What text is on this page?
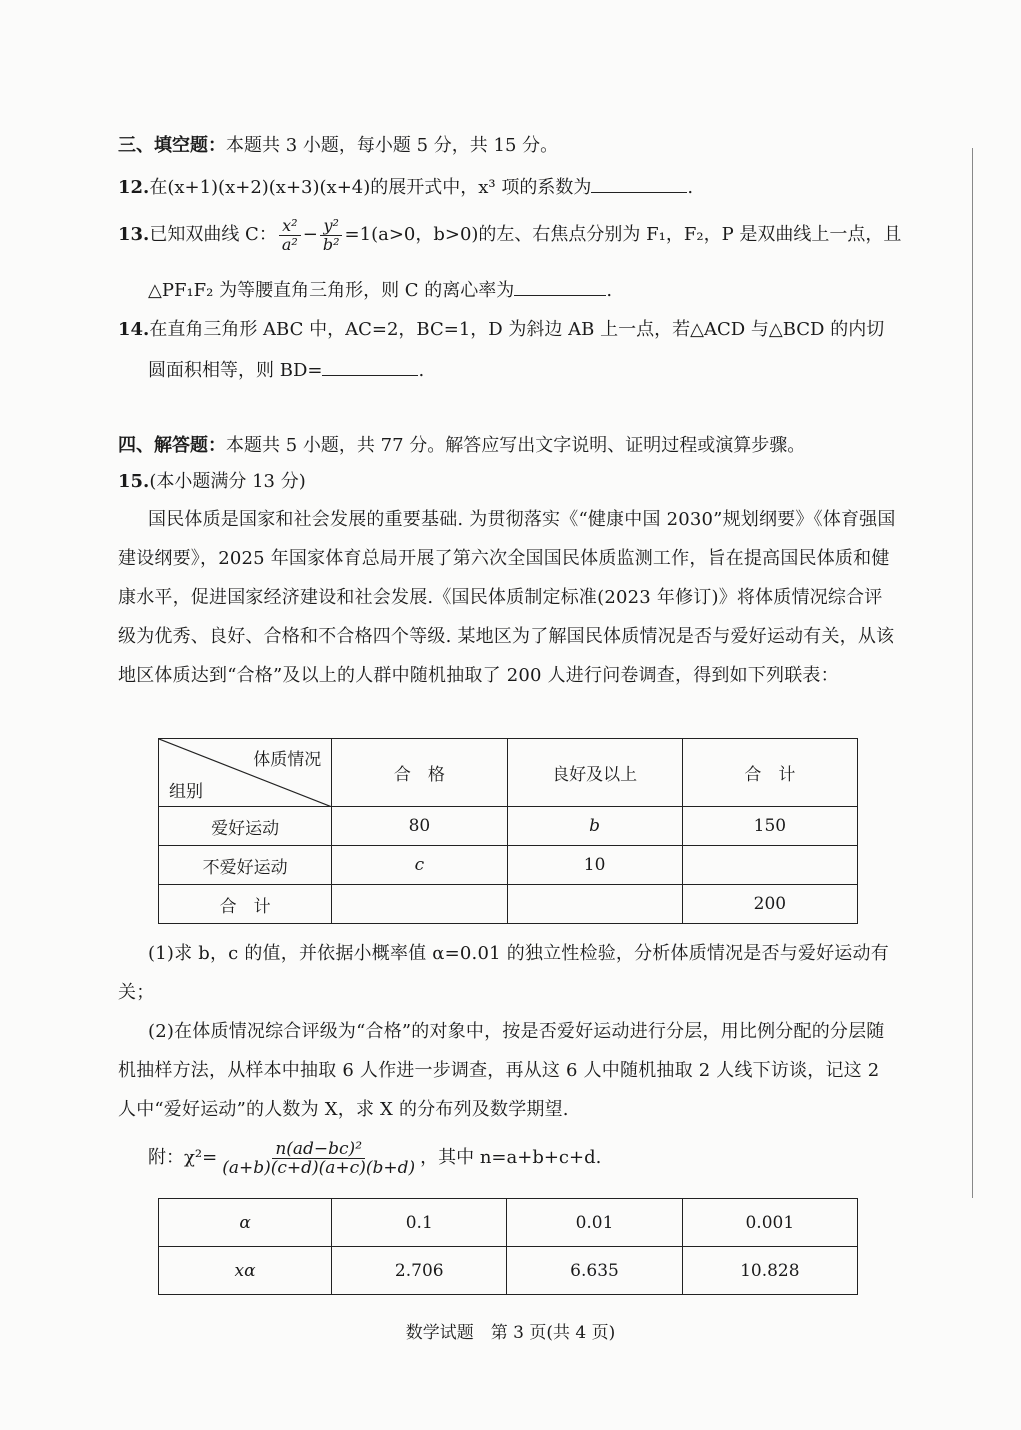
三、填空题：本题共 3 小题，每小题 5 分，共 15 分。
12.在(x+1)(x+2)(x+3)(x+4)的展开式中，x³ 项的系数为	.
13.已知双曲线 C： $\frac{\text{x²}}{\text{a²}} - \frac{\text{y²}}{\text{b²}} =1(a>0$，b>0)的左、右焦点分别为 F₁，F₂，P 是双曲线上一点，且
△PF₁F₂ 为等腰直角三角形，则 C 的离心率为	.
14.在直角三角形 ABC 中，AC=2，BC=1，D 为斜边 AB 上一点，若△ACD 与△BCD 的内切
圆面积相等，则 BD=	.
四、解答题：本题共 5 小题，共 77 分。解答应写出文字说明、证明过程或演算步骤。
15.(本小题满分 13 分)
国民体质是国家和社会发展的重要基础. 为贯彻落实《“健康中国 2030”规划纲要》《体育强国建设纲要》，2025 年国家体育总局开展了第六次全国国民体质监测工作，旨在提高国民体质和健康水平，促进国家经济建设和社会发展.《国民体质制定标准(2023 年修订)》将体质情况综合评级为优秀、良好、合格和不合格四个等级. 某地区为了解国民体质情况是否与爱好运动有关，从该地区体质达到“合格”及以上的人群中随机抽取了 200 人进行问卷调查，得到如下列联表：
体质情况
组别	合　格	良好及以上	合　计
爱好运动	80	b	150
不爱好运动	c	10	
合　计			200
(1)求 b，c 的值，并依据小概率值 α=0.01 的独立性检验，分析体质情况是否与爱好运动有关；
(2)在体质情况综合评级为“合格”的对象中，按是否爱好运动进行分层，用比例分配的分层随机抽样方法，从样本中抽取 6 人作进一步调查，再从这 6 人中随机抽取 2 人线下访谈，记这 2 人中“爱好运动”的人数为 X，求 X 的分布列及数学期望.
附：$\chi^2= \frac{\text{n(ad−bc)²}}{(a+b)(c+d)(a+c)(b+d)}$ ，其中 n=a+b+c+d.
α	0.1	0.01	0.001
xα	2.706	6.635	10.828
数学试题　第 3 页(共 4 页)
